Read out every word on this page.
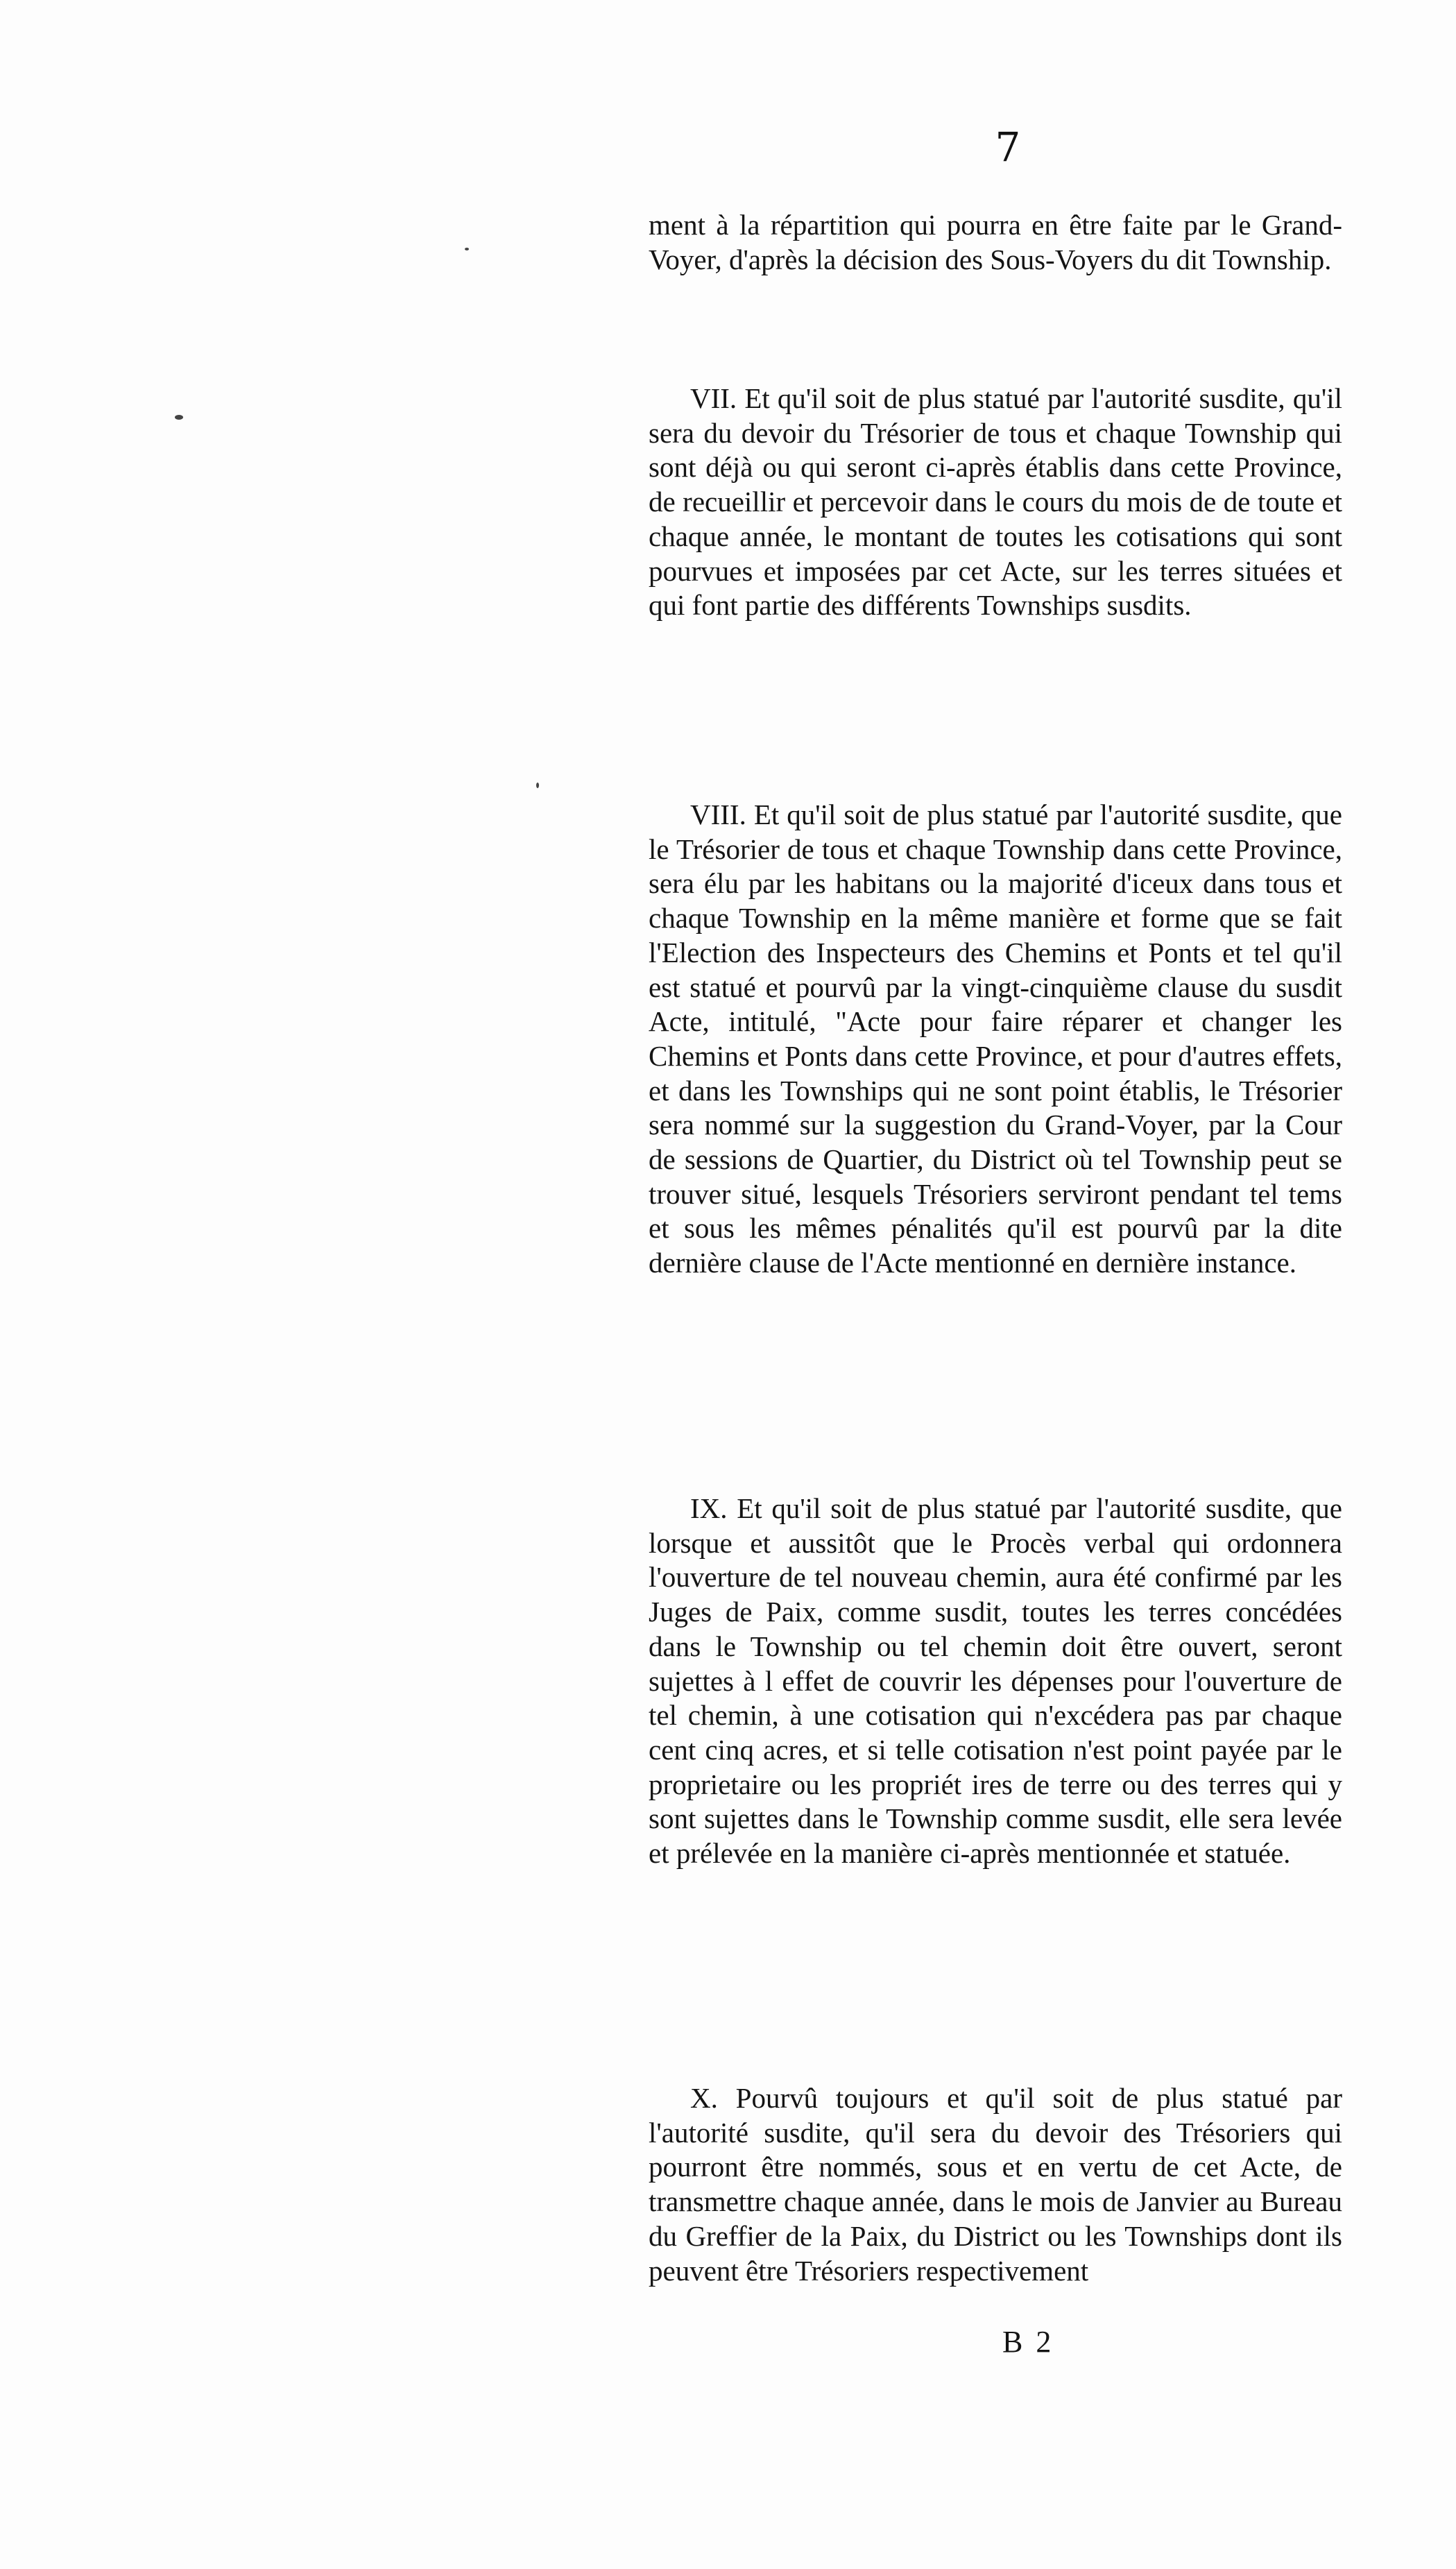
7

ment à la répartition qui pourra en être faite par le Grand-Voyer, d'après la décision des Sous-Voyers du dit Township.

VII. Et qu'il soit de plus statué par l'autorité susdite, qu'il sera du devoir du Trésorier de tous et chaque Township qui sont déjà ou qui seront ci-après établis dans cette Province, de recueillir et percevoir dans le cours du mois de de toute et chaque année, le montant de toutes les cotisations qui sont pourvues et imposées par cet Acte, sur les terres situées et qui font partie des différents Townships susdits.

VIII. Et qu'il soit de plus statué par l'autorité susdite, que le Trésorier de tous et chaque Township dans cette Province, sera élu par les habitans ou la majorité d'iceux dans tous et chaque Township en la même manière et forme que se fait l'Election des Inspecteurs des Chemins et Ponts et tel qu'il est statué et pourvû par la vingt-cinquième clause du susdit Acte, intitulé, "Acte pour faire réparer et changer les Chemins et Ponts dans cette Province, et pour d'autres effets, et dans les Townships qui ne sont point établis, le Trésorier sera nommé sur la suggestion du Grand-Voyer, par la Cour de sessions de Quartier, du District où tel Township peut se trouver situé, lesquels Trésoriers serviront pendant tel tems et sous les mêmes pénalités qu'il est pourvû par la dite dernière clause de l'Acte mentionné en dernière instance.

IX. Et qu'il soit de plus statué par l'autorité susdite, que lorsque et aussitôt que le Procès verbal qui ordonnera l'ouverture de tel nouveau chemin, aura été confirmé par les Juges de Paix, comme susdit, toutes les terres concédées dans le Township ou tel chemin doit être ouvert, seront sujettes à l effet de couvrir les dépenses pour l'ouverture de tel chemin, à une cotisation qui n'excédera pas par chaque cent cinq acres, et si telle cotisation n'est point payée par le proprietaire ou les propriét ires de terre ou des terres qui y sont sujettes dans le Township comme susdit, elle sera levée et prélevée en la manière ci-après mentionnée et statuée.

X. Pourvû toujours et qu'il soit de plus statué par l'autorité susdite, qu'il sera du devoir des Trésoriers qui pourront être nommés, sous et en vertu de cet Acte, de transmettre chaque année, dans le mois de Janvier au Bureau du Greffier de la Paix, du District ou les Townships dont ils peuvent être Trésoriers respectivement

B 2
